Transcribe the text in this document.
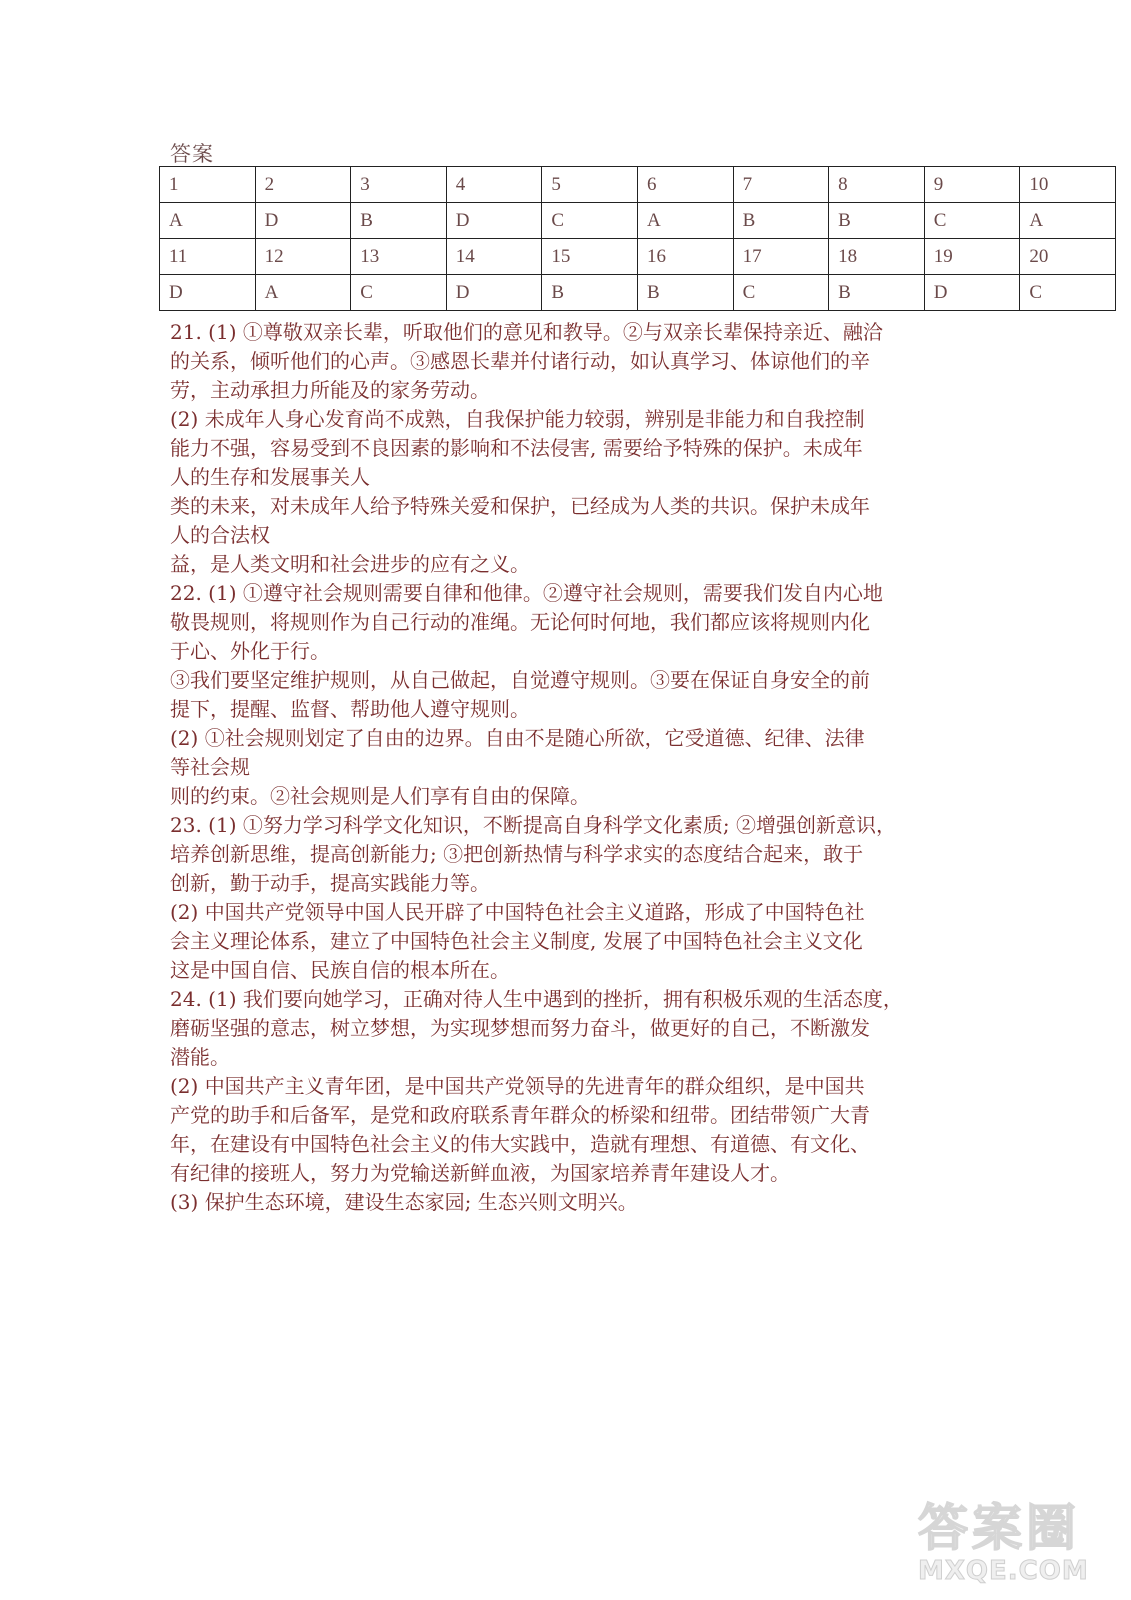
答案
1	2	3	4	5	6	7	8	9	10
A	D	B	D	C	A	B	B	C	A
11	12	13	14	15	16	17	18	19	20
D	A	C	D	B	B	C	B	D	C

21. (1) ①尊敬双亲长辈，听取他们的意见和教导。②与双亲长辈保持亲近、融洽

的关系，倾听他们的心声。③感恩长辈并付诸行动，如认真学习、体谅他们的辛

劳，主动承担力所能及的家务劳动。

(2) 未成年人身心发育尚不成熟，自我保护能力较弱，辨别是非能力和自我控制

能力不强，容易受到不良因素的影响和不法侵害, 需要给予特殊的保护。未成年

人的生存和发展事关人

类的未来，对未成年人给予特殊关爱和保护，已经成为人类的共识。保护未成年

人的合法权

益，是人类文明和社会进步的应有之义。

22. (1) ①遵守社会规则需要自律和他律。②遵守社会规则，需要我们发自内心地

敬畏规则，将规则作为自己行动的准绳。无论何时何地，我们都应该将规则内化

于心、外化于行。

③我们要坚定维护规则，从自己做起，自觉遵守规则。③要在保证自身安全的前

提下，提醒、监督、帮助他人遵守规则。

(2) ①社会规则划定了自由的边界。自由不是随心所欲，它受道德、纪律、法律

等社会规

则的约束。②社会规则是人们享有自由的保障。

23. (1) ①努力学习科学文化知识，不断提高自身科学文化素质; ②增强创新意识，

培养创新思维，提高创新能力; ③把创新热情与科学求实的态度结合起来，敢于

创新，勤于动手，提高实践能力等。

(2) 中国共产党领导中国人民开辟了中国特色社会主义道路，形成了中国特色社

会主义理论体系，建立了中国特色社会主义制度, 发展了中国特色社会主义文化

这是中国自信、民族自信的根本所在。

24. (1) 我们要向她学习，正确对待人生中遇到的挫折，拥有积极乐观的生活态度，

磨砺坚强的意志，树立梦想，为实现梦想而努力奋斗，做更好的自己，不断激发

潜能。

(2) 中国共产主义青年团，是中国共产党领导的先进青年的群众组织，是中国共

产党的助手和后备军，是党和政府联系青年群众的桥梁和纽带。团结带领广大青

年，在建设有中国特色社会主义的伟大实践中，造就有理想、有道德、有文化、

有纪律的接班人，努力为党输送新鲜血液，为国家培养青年建设人才。

(3) 保护生态环境，建设生态家园; 生态兴则文明兴。

答案圈
MXQE.COM
